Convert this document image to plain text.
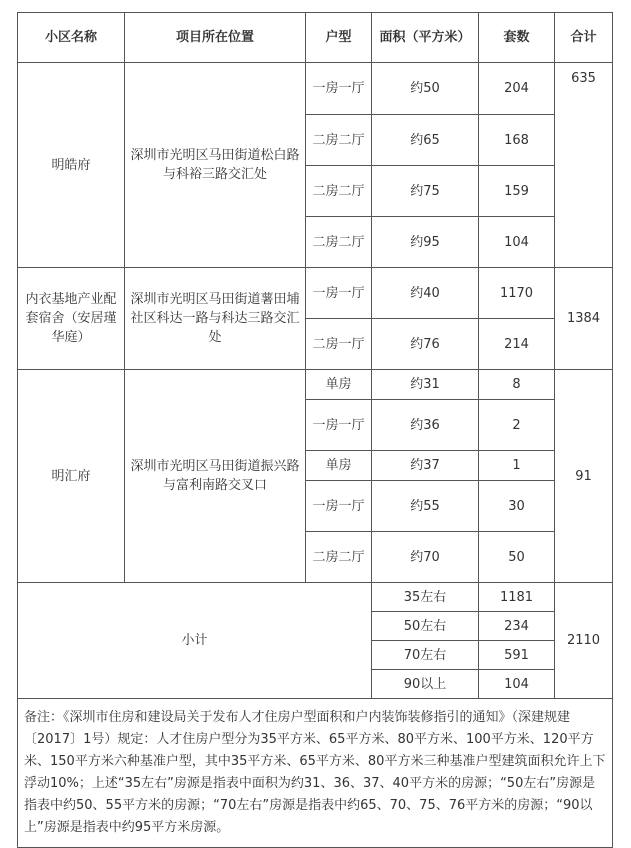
小区名称	项目所在位置	户型	面积（平方米）	套数	合计
明皓府	深圳市光明区马田街道松白路与科裕三路交汇处	一房一厅	约50	204	635
		二房二厅	约65	168	
		二房二厅	约75	159	
		二房二厅	约95	104	
内衣基地产业配套宿舍（安居瑾华庭）	深圳市光明区马田街道薯田埔社区科达一路与科达三路交汇处	一房一厅	约40	1170	1384
		二房一厅	约76	214	
明汇府	深圳市光明区马田街道振兴路与富利南路交叉口	单房	约31	8	91
		一房一厅	约36	2	
		单房	约37	1	
		一房一厅	约55	30	
		二房二厅	约70	50	
小计			35左右	1181	2110
			50左右	234	
			70左右	591	
			90以上	104	
备注：《深圳市住房和建设局关于发布人才住房户型面积和户内装饰装修指引的通知》（深建规建〔2017〕1号）规定：人才住房户型分为35平方米、65平方米、80平方米、100平方米、120平方米、150平方米六种基准户型，其中35平方米、65平方米、80平方米三种基准户型建筑面积允许上下浮动10%；上述“35左右”房源是指表中面积为约31、36、37、40平方米的房源；“50左右”房源是指表中约50、55平方米的房源；“70左右”房源是指表中约65、70、75、76平方米的房源；“90以上”房源是指表中约95平方米房源。					
